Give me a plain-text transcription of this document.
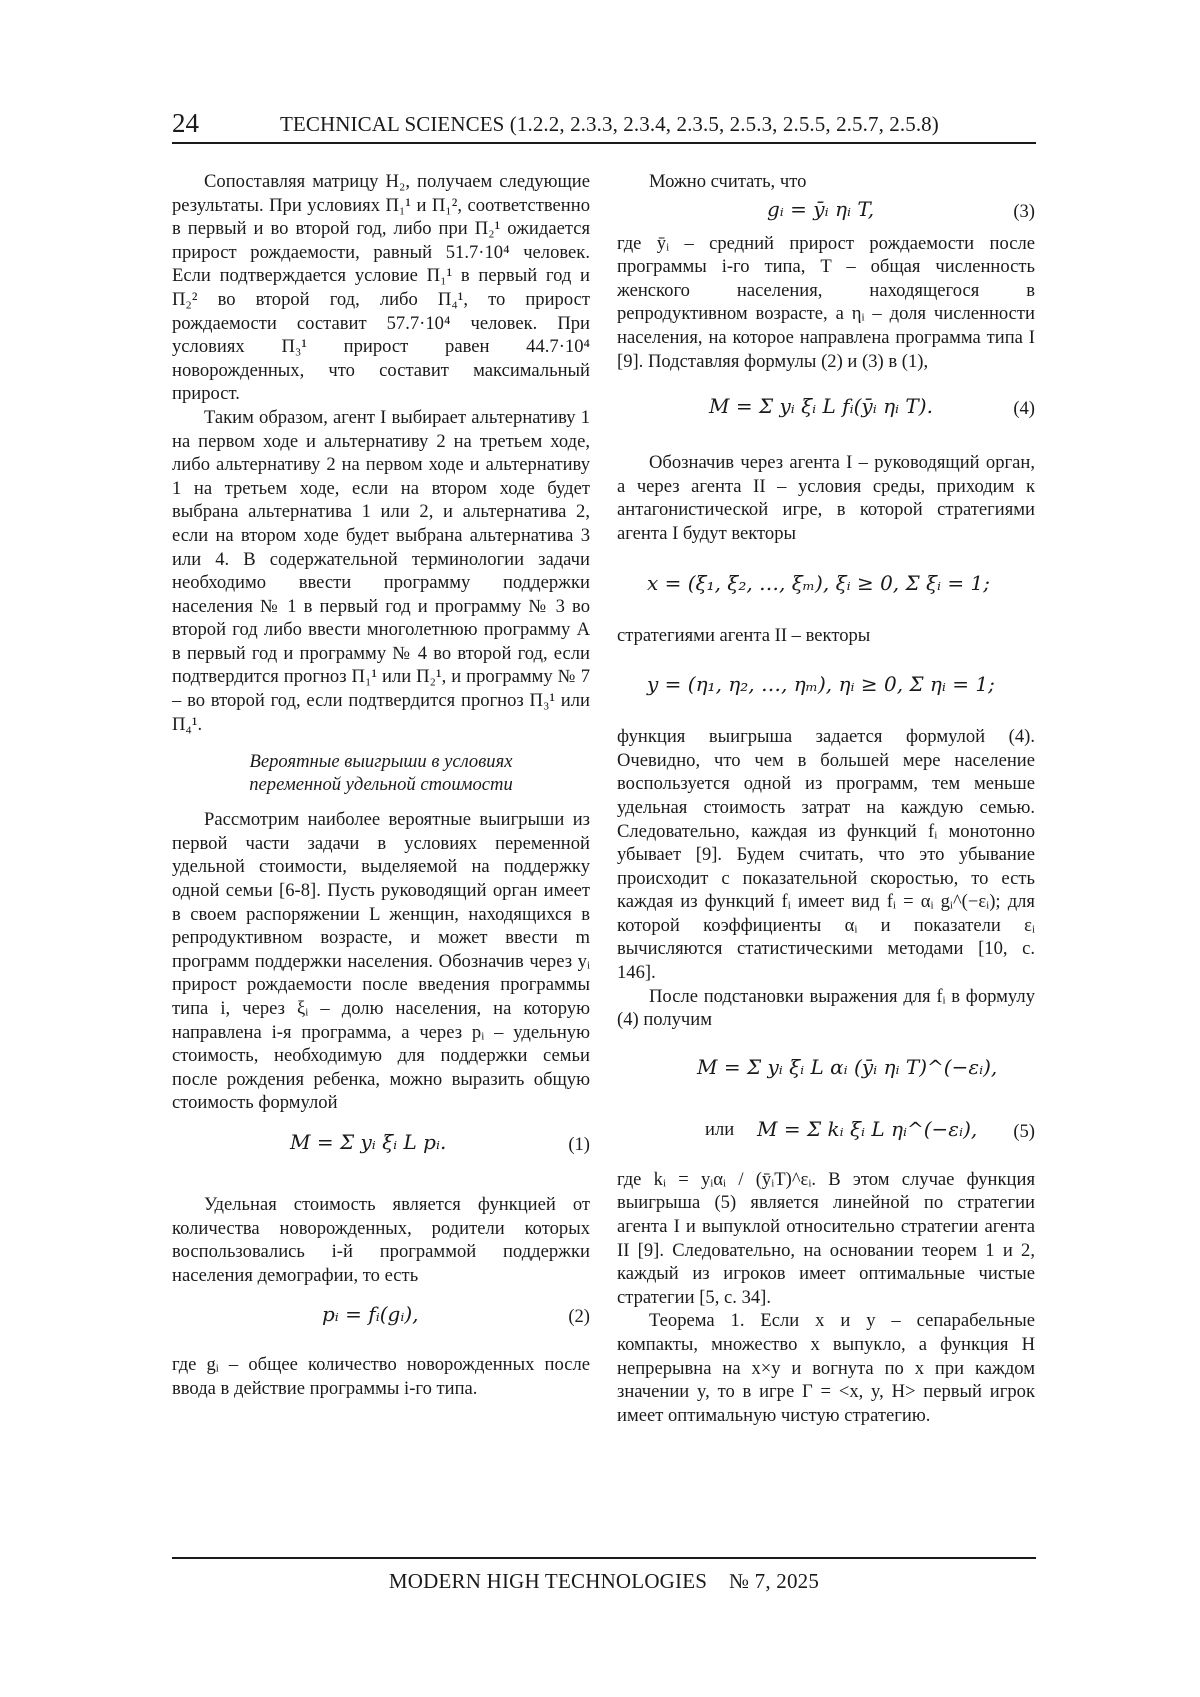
24	TECHNICAL SCIENCES (1.2.2, 2.3.3, 2.3.4, 2.3.5, 2.5.3, 2.5.5, 2.5.7, 2.5.8)

Сопоставляя матрицу H₂, получаем следующие результаты. При условиях П₁¹ и П₁², соответственно в первый и во второй год, либо при П₂¹ ожидается прирост рождаемости, равный 51.7·10⁴ человек. Если подтверждается условие П₁¹ в первый год и П₂² во второй год, либо П₄¹, то прирост рождаемости составит 57.7·10⁴ человек. При условиях П₃¹ прирост равен 44.7·10⁴ новорожденных, что составит максимальный прирост.

Таким образом, агент I выбирает альтернативу 1 на первом ходе и альтернативу 2 на третьем ходе, либо альтернативу 2 на первом ходе и альтернативу 1 на третьем ходе, если на втором ходе будет выбрана альтернатива 1 или 2, и альтернатива 2, если на втором ходе будет выбрана альтернатива 3 или 4. В содержательной терминологии задачи необходимо ввести программу поддержки населения № 1 в первый год и программу № 3 во второй год либо ввести многолетнюю программу А в первый год и программу № 4 во второй год, если подтвердится прогноз П₁¹ или П₂¹, и программу № 7 – во второй год, если подтвердится прогноз П₃¹ или П₄¹.

Вероятные выигрыши в условиях
переменной удельной стоимости

Рассмотрим наиболее вероятные выигрыши из первой части задачи в условиях переменной удельной стоимости, выделяемой на поддержку одной семьи [6-8]. Пусть руководящий орган имеет в своем распоряжении L женщин, находящихся в репродуктивном возрасте, и может ввести m программ поддержки населения. Обозначив через yᵢ прирост рождаемости после введения программы типа i, через ξᵢ – долю населения, на которую направлена i-я программа, а через pᵢ – удельную стоимость, необходимую для поддержки семьи после рождения ребенка, можно выразить общую стоимость формулой

M = Σ yᵢ ξᵢ L pᵢ.	(1)

Удельная стоимость является функцией от количества новорожденных, родители которых воспользовались i-й программой поддержки населения демографии, то есть

pᵢ = fᵢ(gᵢ),	(2)

где gᵢ – общее количество новорожденных после ввода в действие программы i-го типа.

Можно считать, что

gᵢ = ȳᵢ ηᵢ T,	(3)

где ȳᵢ – средний прирост рождаемости после программы i-го типа, T – общая численность женского населения, находящегося в репродуктивном возрасте, а ηᵢ – доля численности населения, на которое направлена программа типа I [9]. Подставляя формулы (2) и (3) в (1),

M = Σ yᵢ ξᵢ L fᵢ(ȳᵢ ηᵢ T).	(4)

Обозначив через агента I – руководящий орган, а через агента II – условия среды, приходим к антагонистической игре, в которой стратегиями агента I будут векторы

x = (ξ₁, ξ₂, …, ξₘ), ξᵢ ≥ 0, Σ ξᵢ = 1;

стратегиями агента II – векторы

y = (η₁, η₂, …, ηₘ), ηᵢ ≥ 0, Σ ηᵢ = 1;

функция выигрыша задается формулой (4). Очевидно, что чем в большей мере население воспользуется одной из программ, тем меньше удельная стоимость затрат на каждую семью. Следовательно, каждая из функций fᵢ монотонно убывает [9]. Будем считать, что это убывание происходит с показательной скоростью, то есть каждая из функций fᵢ имеет вид fᵢ = αᵢ gᵢ^(−εᵢ); для которой коэффициенты αᵢ и показатели εᵢ вычисляются статистическими методами [10, с. 146].

После подстановки выражения для fᵢ в формулу (4) получим

M = Σ yᵢ ξᵢ L αᵢ (ȳᵢ ηᵢ T)^(−εᵢ),
или M = Σ kᵢ ξᵢ L ηᵢ^(−εᵢ), (5)

где kᵢ = yᵢαᵢ / (ȳᵢT)^εᵢ. В этом случае функция выигрыша (5) является линейной по стратегии агента I и выпуклой относительно стратегии агента II [9]. Следовательно, на основании теорем 1 и 2, каждый из игроков имеет оптимальные чистые стратегии [5, с. 34].

Теорема 1. Если x и y – сепарабельные компакты, множество x выпукло, а функция H непрерывна на x×y и вогнута по x при каждом значении y, то в игре Г = <x, y, H> первый игрок имеет оптимальную чистую стратегию.

MODERN HIGH TECHNOLOGIES № 7, 2025
